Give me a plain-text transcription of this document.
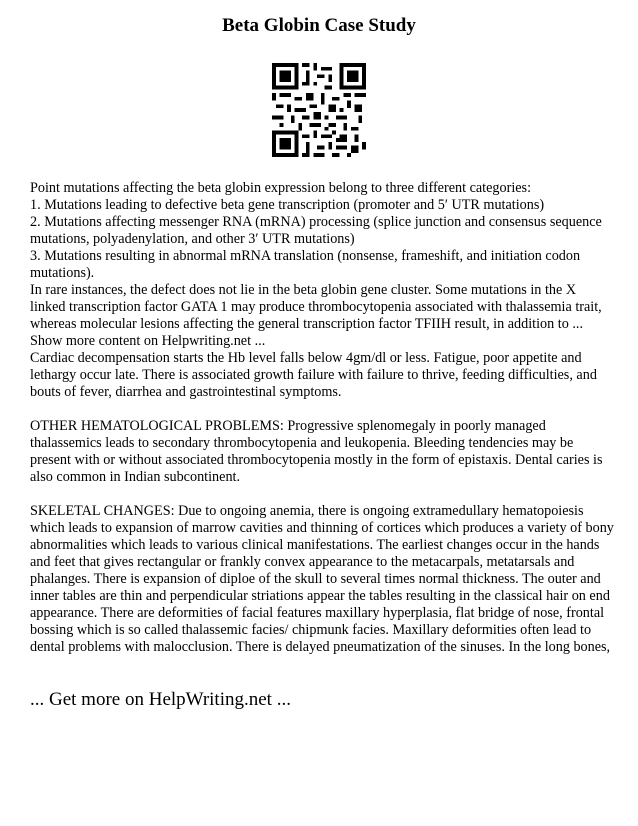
Beta Globin Case Study

Point mutations affecting the beta globin expression belong to three different categories:

1. Mutations leading to defective beta gene transcription (promoter and 5′ UTR mutations)

2. Mutations affecting messenger RNA (mRNA) processing (splice junction and consensus sequence mutations, polyadenylation, and other 3′ UTR mutations)

3. Mutations resulting in abnormal mRNA translation (nonsense, frameshift, and initiation codon mutations).

In rare instances, the defect does not lie in the beta globin gene cluster. Some mutations in the X linked transcription factor GATA 1 may produce thrombocytopenia associated with thalassemia trait, whereas molecular lesions affecting the general transcription factor TFIIH result, in addition to ...

Show more content on Helpwriting.net ...

Cardiac decompensation starts the Hb level falls below 4gm/dl or less. Fatigue, poor appetite and lethargy occur late. There is associated growth failure with failure to thrive, feeding difficulties, and bouts of fever, diarrhea and gastrointestinal symptoms.

OTHER HEMATOLOGICAL PROBLEMS: Progressive splenomegaly in poorly managed thalassemics leads to secondary thrombocytopenia and leukopenia. Bleeding tendencies may be present with or without associated thrombocytopenia mostly in the form of epistaxis. Dental caries is also common in Indian subcontinent.

SKELETAL CHANGES: Due to ongoing anemia, there is ongoing extramedullary hematopoiesis which leads to expansion of marrow cavities and thinning of cortices which produces a variety of bony abnormalities which leads to various clinical manifestations. The earliest changes occur in the hands and feet that gives rectangular or frankly convex appearance to the metacarpals, metatarsals and phalanges. There is expansion of diploe of the skull to several times normal thickness. The outer and inner tables are thin and perpendicular striations appear the tables resulting in the classical hair on end appearance. There are deformities of facial features maxillary hyperplasia, flat bridge of nose, frontal bossing which is so called thalassemic facies/ chipmunk facies. Maxillary deformities often lead to dental problems with malocclusion. There is delayed pneumatization of the sinuses. In the long bones,

... Get more on HelpWriting.net ...
